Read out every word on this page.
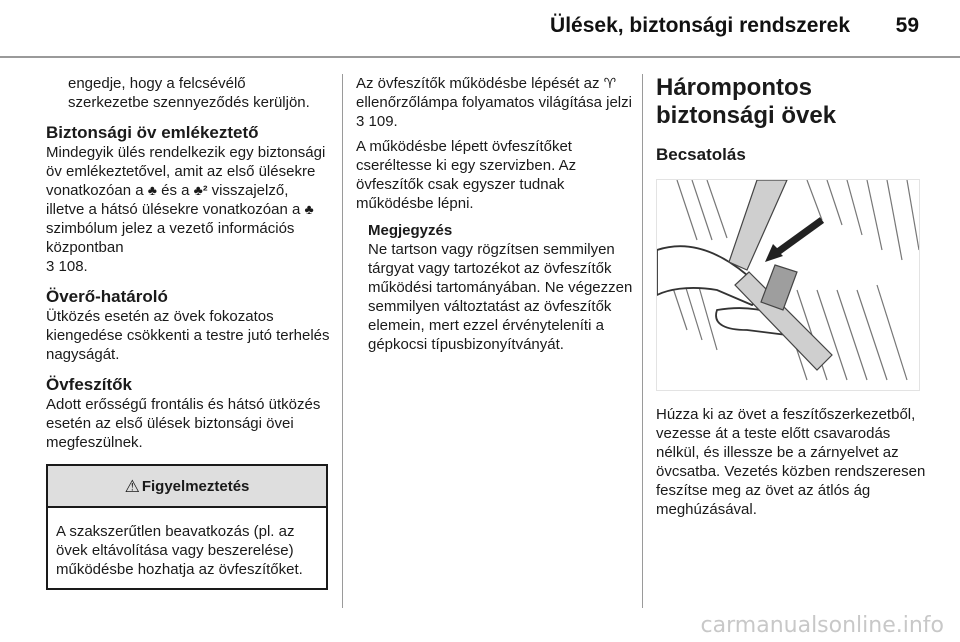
Ülések, biztonsági rendszerek 59

engedje, hogy a felcsévélő szerkezetbe szennyeződés kerüljön.

Biztonsági öv emlékeztető

Mindegyik ülés rendelkezik egy biztonsági öv emlékeztetővel, amit az első ülésekre vonatkozóan a ♣ és a ♣² visszajelző, illetve a hátsó ülésekre vonatkozóan a ♣ szimbólum jelez a vezető információs központban
3 108.

Överő-határoló

Ütközés esetén az övek fokozatos kiengedése csökkenti a testre jutó terhelés nagyságát.

Övfeszítők

Adott erősségű frontális és hátsó ütközés esetén az első ülések biztonsági övei megfeszülnek.

⚠ Figyelmeztetés
A szakszerűtlen beavatkozás (pl. az övek eltávolítása vagy beszerelése) működésbe hozhatja az övfeszítőket.

Az övfeszítők működésbe lépését az ♈ ellenőrzőlámpa folyamatos világítása jelzi 3 109.

A működésbe lépett övfeszítőket cseréltesse ki egy szervizben. Az övfeszítők csak egyszer tudnak működésbe lépni.

Megjegyzés

Ne tartson vagy rögzítsen semmilyen tárgyat vagy tartozékot az övfeszítők működési tartományában. Ne végezzen semmilyen változtatást az övfeszítők elemein, mert ezzel érvényteleníti a gépkocsi típusbizonyítványát.

Hárompontos biztonsági övek
Becsatolás

Húzza ki az övet a feszítőszerkezetből, vezesse át a teste előtt csavarodás nélkül, és illessze be a zárnyelvet az övcsatba. Vezetés közben rendszeresen feszítse meg az övet az átlós ág meghúzásával.

carmanualsonline.info
